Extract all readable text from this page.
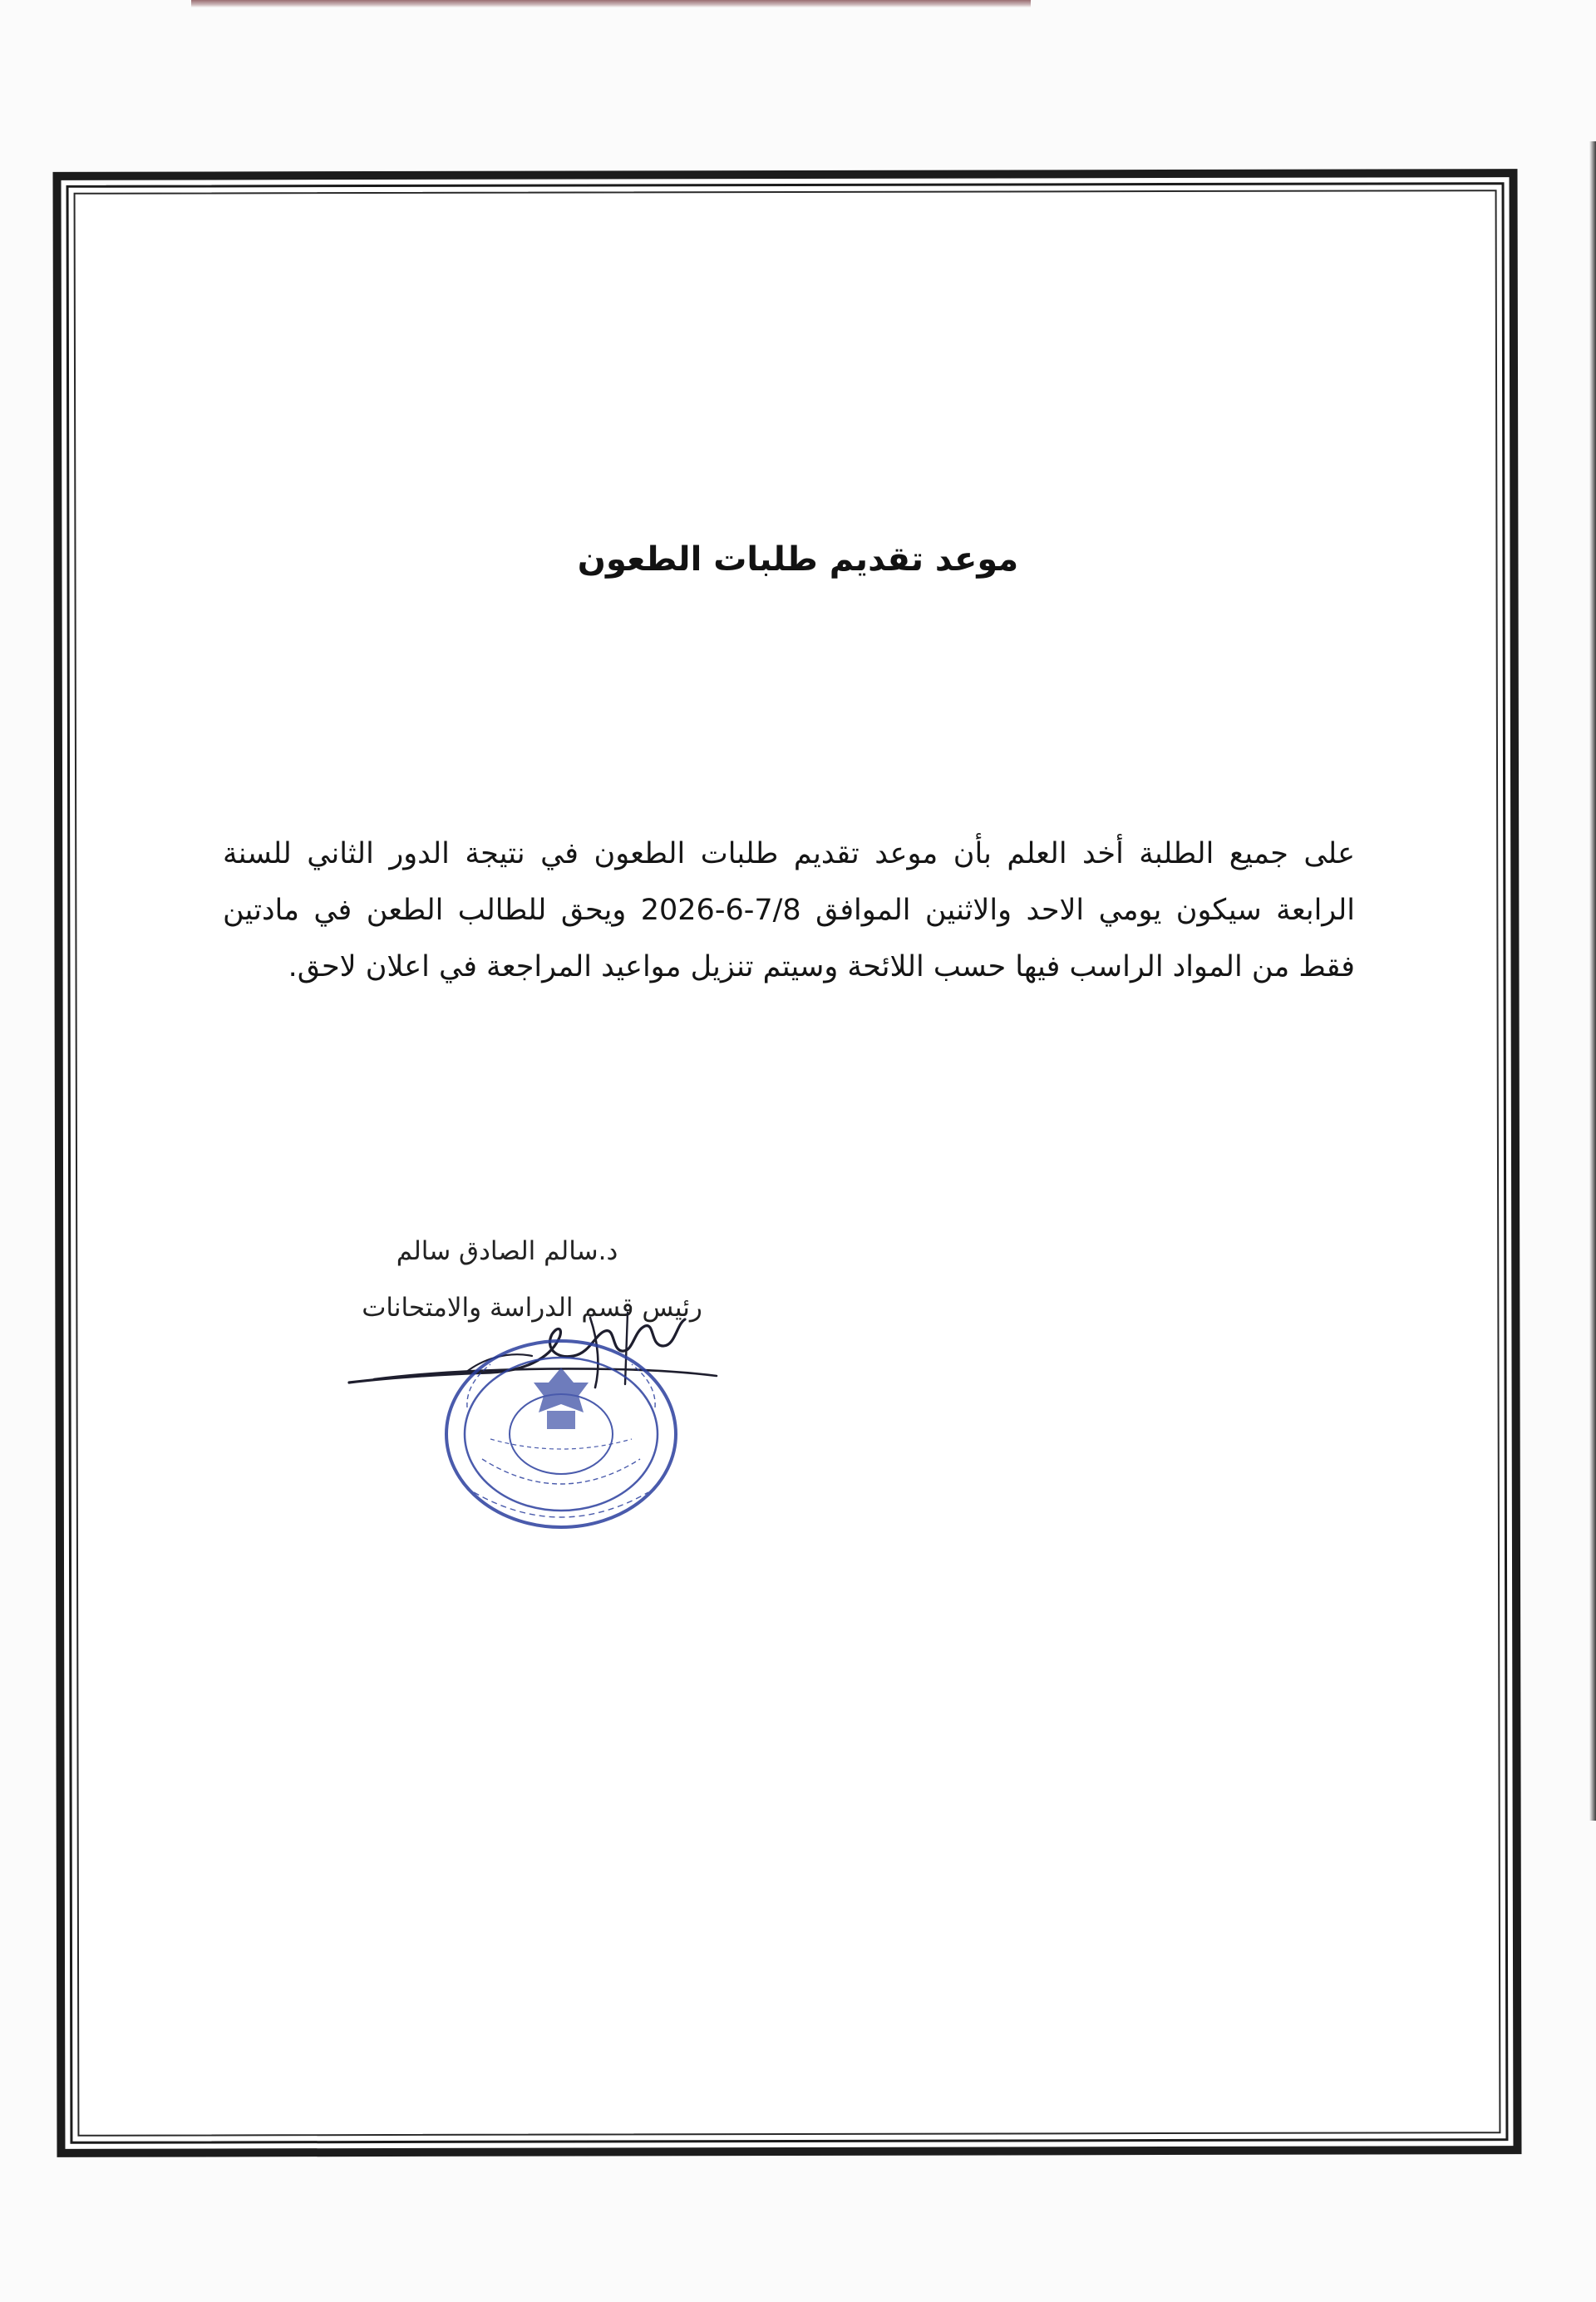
موعد تقديم طلبات الطعون
على جميع الطلبة أخد العلم بأن موعد تقديم طلبات الطعون في نتيجة الدور الثاني للسنة الرابعة سيكون يومي الاحد والاثنين الموافق 7/8-6-2026 ويحق للطالب الطعن في مادتين فقط من المواد الراسب فيها حسب اللائحة وسيتم تنزيل مواعيد المراجعة في اعلان لاحق.
د.سالم الصادق سالم
رئيس قسم الدراسة والامتحانات
